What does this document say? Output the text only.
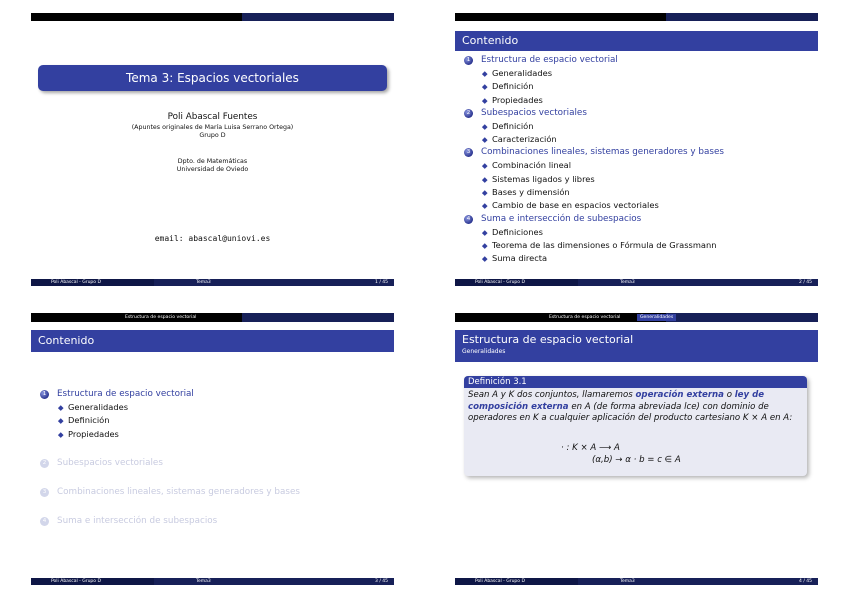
Tema 3: Espacios vectoriales
Poli Abascal Fuentes
(Apuntes originales de María Luisa Serrano Ortega)
Grupo D
Dpto. de Matemáticas
Universidad de Oviedo
email: abascal@uniovi.es
Poli Abascal - Grupo D	Tema3	1 / 45
Contenido
1	Estructura de espacio vectorial
Generalidades
Definición
Propiedades
2	Subespacios vectoriales
Definición
Caracterización
3	Combinaciones lineales, sistemas generadores y bases
Combinación lineal
Sistemas ligados y libres
Bases y dimensión
Cambio de base en espacios vectoriales
4	Suma e intersección de subespacios
Definiciones
Teorema de las dimensiones o Fórmula de Grassmann
Suma directa
Poli Abascal - Grupo D	Tema3	2 / 45
Estructura de espacio vectorial
Contenido
1	Estructura de espacio vectorial
Generalidades
Definición
Propiedades
2	Subespacios vectoriales
3	Combinaciones lineales, sistemas generadores y bases
4	Suma e intersección de subespacios
Poli Abascal - Grupo D	Tema3	3 / 45
Estructura de espacio vectorial	Generalidades
Estructura de espacio vectorial
Generalidades
Definición 3.1
Sean A y K dos conjuntos, llamaremos operación externa o ley de composición externa en A (de forma abreviada lce) con dominio de operadores en K a cualquier aplicación del producto cartesiano K × A en A:
· : K × A ⟶ A
(α,b) → α · b = c ∈ A
Poli Abascal - Grupo D	Tema3	4 / 45
